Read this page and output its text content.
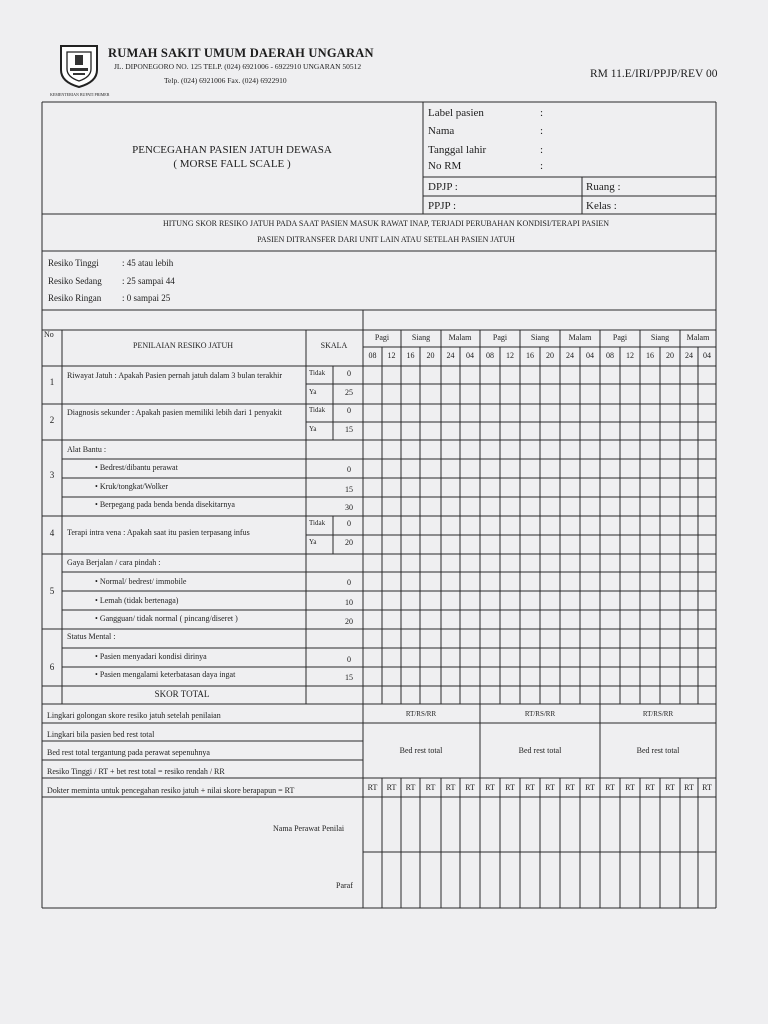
KEMENTERIAN BUPATI PRIMER
RUMAH SAKIT UMUM DAERAH UNGARAN
JL. DIPONEGORO NO. 125 TELP. (024) 6921006 - 6922910 UNGARAN 50512
Telp. (024) 6921006 Fax. (024) 6922910
RM 11.E/IRI/PPJP/REV 00
PENCEGAHAN PASIEN JATUH DEWASA
( MORSE FALL SCALE )
Label pasien
Nama
Tanggal lahir
No RM
:
:
:
:
DPJP :
PPJP :
Ruang :
Kelas :
HITUNG SKOR RESIKO JATUH PADA SAAT PASIEN MASUK RAWAT INAP, TERJADI PERUBAHAN KONDISI/TERAPI PASIEN
PASIEN DITRANSFER DARI UNIT LAIN ATAU SETELAH PASIEN JATUH
Resiko Tinggi	: 45 atau lebih
Resiko Sedang : 25 sampai 44
Resiko Ringan : 0 sampai 25
No
PENILAIAN RESIKO JATUH	SKALA
Pagi	Siang Malam	Pagi	Siang Malam	Pagi	Siang Malam
08 12 16 20 24 04 08 12 16 20 24 04 08 12 16 20 24 04
1
Riwayat Jatuh : Apakah Pasien pernah jatuh dalam 3 bulan terakhir	Tidak	0
Ya	25
2
Diagnosis sekunder : Apakah pasien memiliki lebih dari 1 penyakit	Tidak	0
Ya	15
3
Alat Bantu :
• Bedrest/dibantu perawat	0
• Kruk/tongkat/Wolker	15
• Berpegang pada benda benda disekitarnya	30
4 Terapi intra vena : Apakah saat itu pasien terpasang infus
Tidak	0
Ya	20
5
Gaya Berjalan / cara pindah :
• Normal/ bedrest/ immobile	0
• Lemah (tidak bertenaga)	10
• Gangguan/ tidak normal ( pincang/diseret )	20
6
Status Mental :
• Pasien menyadari kondisi dirinya	0
• Pasien mengalami keterbatasan daya ingat	15
SKOR TOTAL
Lingkari golongan skore resiko jatuh setelah penilaian	RT/RS/RR	RT/RS/RR	RT/RS/RR
Lingkari bila pasien bed rest total
Bed rest total tergantung pada perawat sepenuhnya
Resiko Tinggi / RT + bet rest total = resiko rendah / RR
Bed rest total	Bed rest total	Bed rest total
Dokter meminta untuk pencegahan resiko jatuh + nilai skore berapapun = RT	RT RT RT RT RT RT RT RT RT RT RT RT RT RT RT RT RT RT
Nama Perawat Penilai
Paraf
